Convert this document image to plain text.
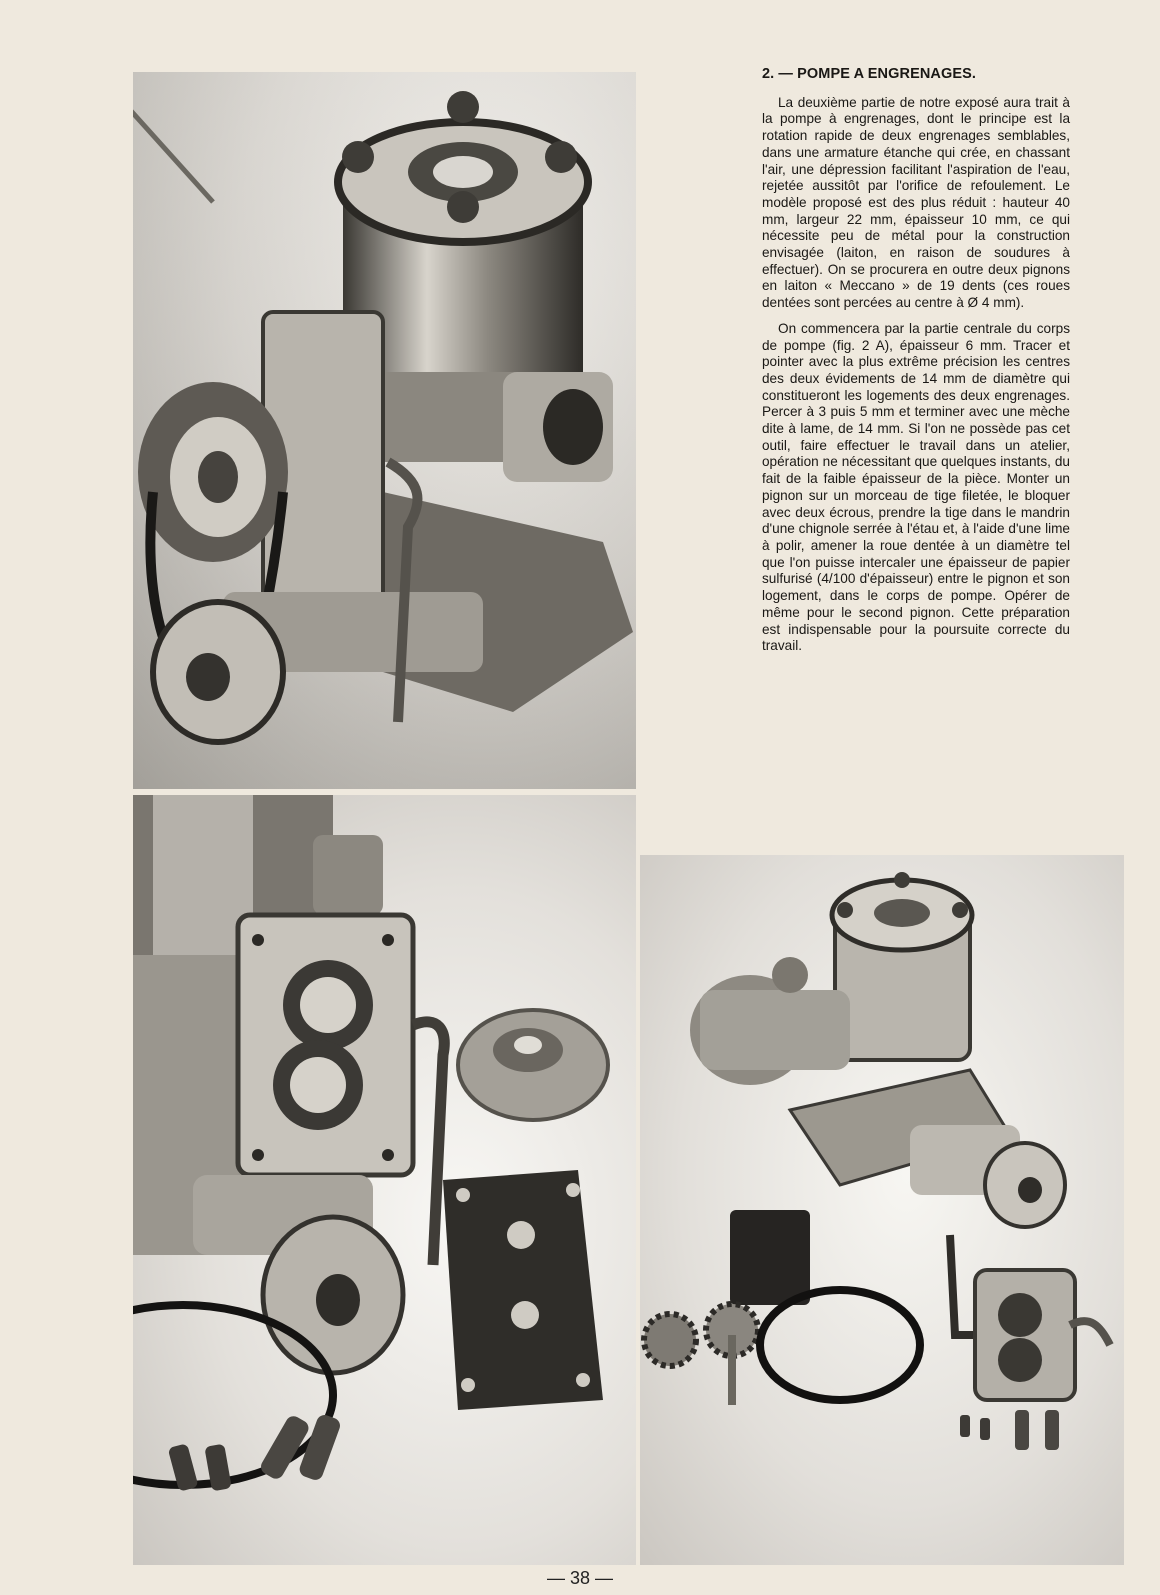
2. — POMPE A ENGRENAGES.

La deuxième partie de notre exposé aura trait à la pompe à engrenages, dont le principe est la rotation rapide de deux engrenages semblables, dans une armature étanche qui crée, en chassant l'air, une dépression facilitant l'aspiration de l'eau, rejetée aussitôt par l'orifice de refoulement. Le modèle proposé est des plus réduit : hauteur 40 mm, largeur 22 mm, épaisseur 10 mm, ce qui nécessite peu de métal pour la construction envisagée (laiton, en raison de soudures à effectuer). On se procurera en outre deux pignons en laiton « Meccano » de 19 dents (ces roues dentées sont percées au centre à Ø 4 mm).

On commencera par la partie centrale du corps de pompe (fig. 2 A), épaisseur 6 mm. Tracer et pointer avec la plus extrême précision les centres des deux évidements de 14 mm de diamètre qui constitueront les logements des deux engrenages. Percer à 3 puis 5 mm et terminer avec une mèche dite à lame, de 14 mm. Si l'on ne possède pas cet outil, faire effectuer le travail dans un atelier, opération ne nécessitant que quelques instants, du fait de la faible épaisseur de la pièce. Monter un pignon sur un morceau de tige filetée, le bloquer avec deux écrous, prendre la tige dans le mandrin d'une chignole serrée à l'étau et, à l'aide d'une lime à polir, amener la roue dentée à un diamètre tel que l'on puisse intercaler une épaisseur de papier sulfurisé (4/100 d'épaisseur) entre le pignon et son logement, dans le corps de pompe. Opérer de même pour le second pignon. Cette préparation est indispensable pour la poursuite correcte du travail.

— 38 —
